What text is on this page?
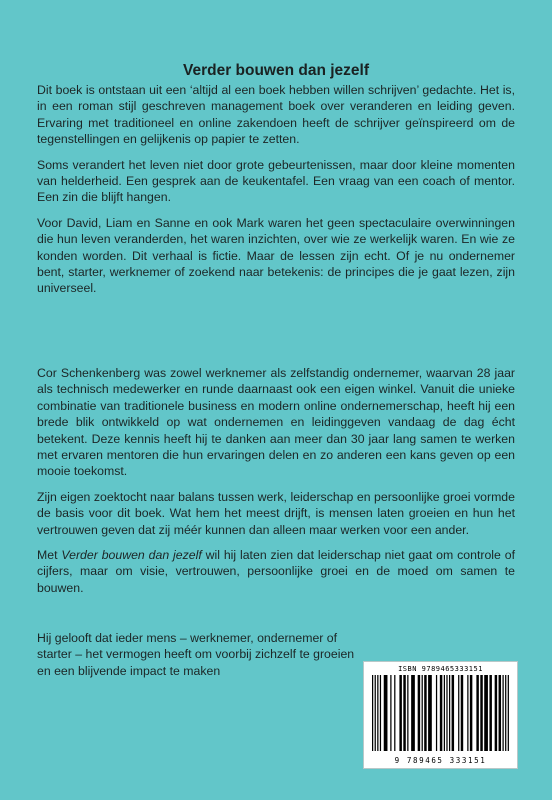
Verder bouwen dan jezelf

Dit boek is ontstaan uit een ‘altijd al een boek hebben willen schrijven’ gedachte. Het is, in een roman stijl geschreven management boek over veranderen en leiding geven. Ervaring met traditioneel en online zakendoen heeft de schrijver geïnspireerd om de tegenstellingen en gelijkenis op papier te zetten.

Soms verandert het leven niet door grote gebeurtenissen, maar door kleine momenten van helderheid. Een gesprek aan de keukentafel. Een vraag van een coach of mentor. Een zin die blijft hangen.

Voor David, Liam en Sanne en ook Mark waren het geen spectaculaire overwinningen die hun leven veranderden, het waren inzichten, over wie ze werkelijk waren. En wie ze konden worden. Dit verhaal is fictie. Maar de lessen zijn echt. Of je nu ondernemer bent, starter, werknemer of zoekend naar betekenis: de principes die je gaat lezen, zijn universeel.

Cor Schenkenberg was zowel werknemer als zelfstandig ondernemer, waarvan 28 jaar als technisch medewerker en runde daarnaast ook een eigen winkel. Vanuit die unieke combinatie van traditionele business en modern online ondernemerschap, heeft hij een brede blik ontwikkeld op wat ondernemen en leidinggeven vandaag de dag écht betekent. Deze kennis heeft hij te danken aan meer dan 30 jaar lang samen te werken met ervaren mentoren die hun ervaringen delen en zo anderen een kans geven op een mooie toekomst.

Zijn eigen zoektocht naar balans tussen werk, leiderschap en persoonlijke groei vormde de basis voor dit boek. Wat hem het meest drijft, is mensen laten groeien en hun het vertrouwen geven dat zij méér kunnen dan alleen maar werken voor een ander.

Met Verder bouwen dan jezelf wil hij laten zien dat leiderschap niet gaat om controle of cijfers, maar om visie, vertrouwen, persoonlijke groei en de moed om samen te bouwen.

Hij gelooft dat ieder mens – werknemer, ondernemer of starter – het vermogen heeft om voorbij zichzelf te groeien en een blijvende impact te maken	ISBN 9789465333151
9 789465 333151
